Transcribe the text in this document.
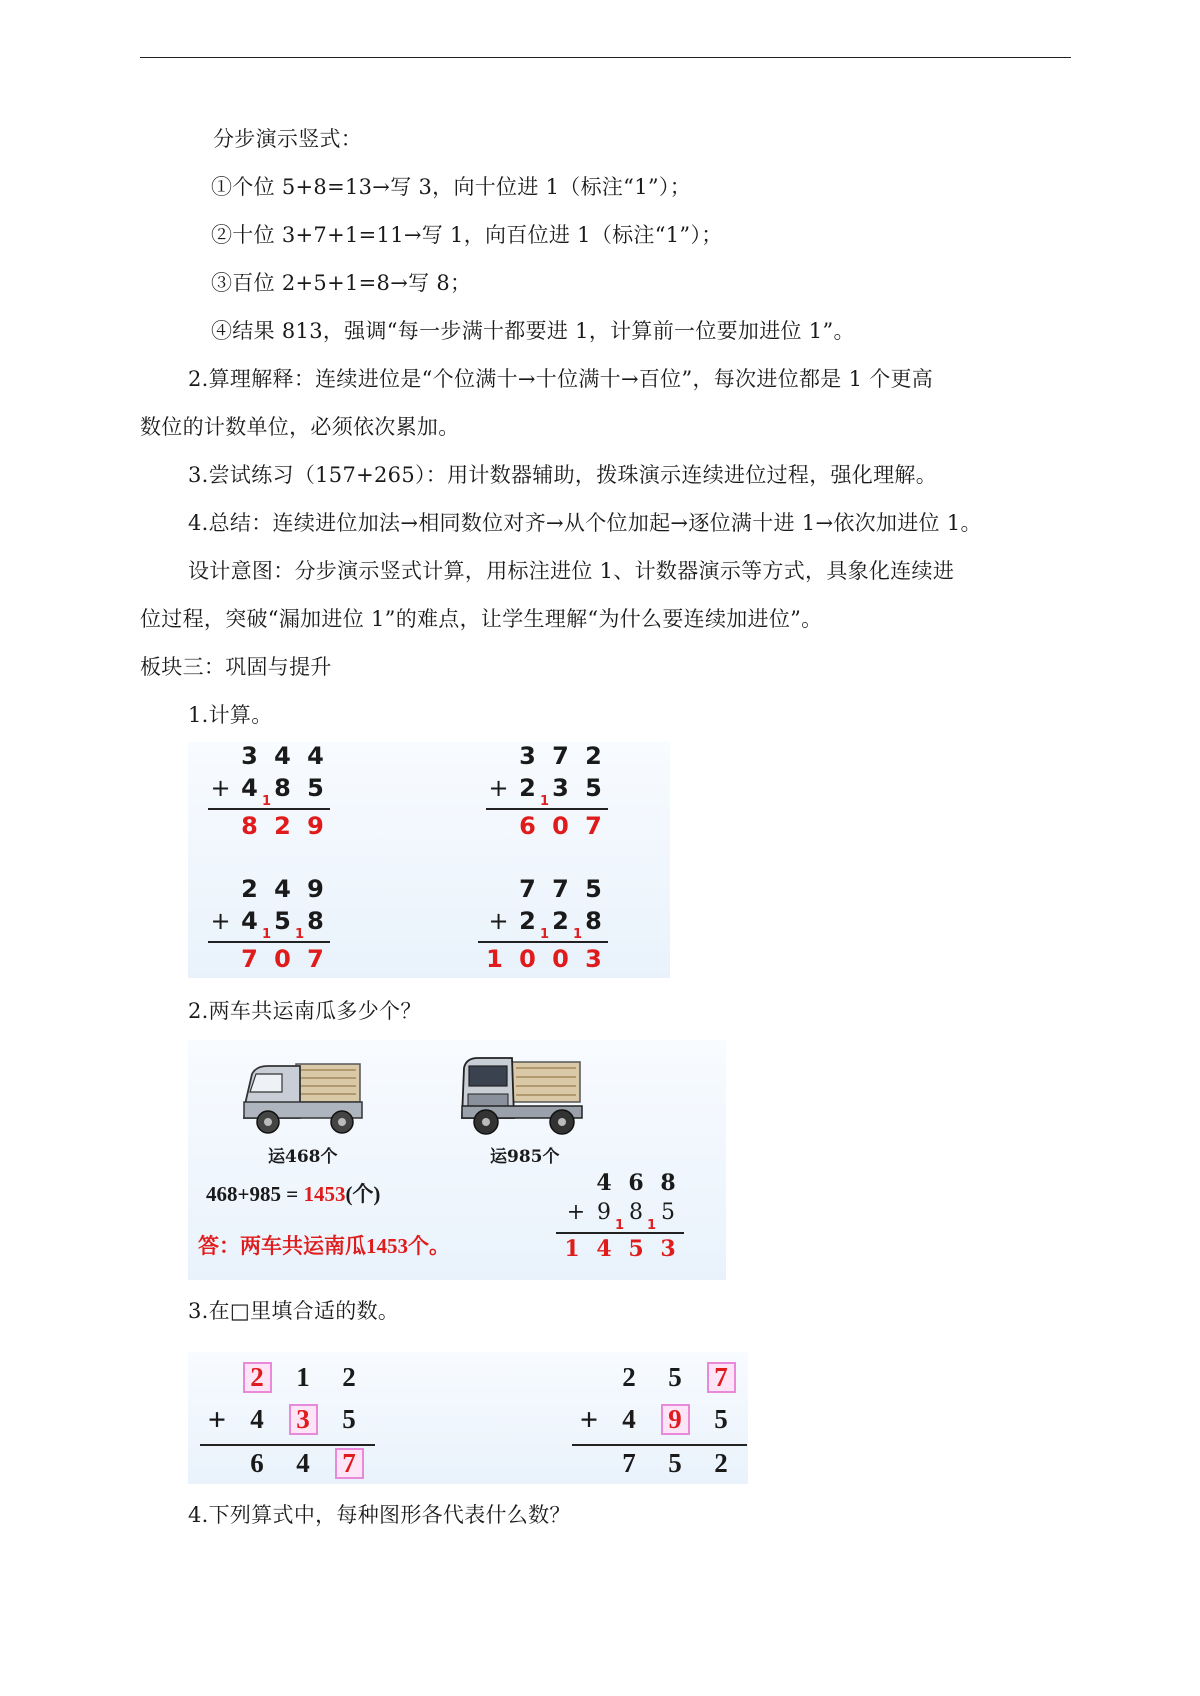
分步演示竖式：
①个位 5+8=13→写 3，向十位进 1（标注“1”）；
②十位 3+7+1=11→写 1，向百位进 1（标注“1”）；
③百位 2+5+1=8→写 8；
④结果 813，强调“每一步满十都要进 1，计算前一位要加进位 1”。
2.算理解释：连续进位是“个位满十→十位满十→百位”，每次进位都是 1 个更高
数位的计数单位，必须依次累加。
3.尝试练习（157+265）：用计数器辅助，拨珠演示连续进位过程，强化理解。
4.总结：连续进位加法→相同数位对齐→从个位加起→逐位满十进 1→依次加进位 1。
设计意图：分步演示竖式计算，用标注进位 1、计数器演示等方式，具象化连续进
位过程，突破“漏加进位 1”的难点，让学生理解“为什么要连续加进位”。
板块三：巩固与提升
1.计算。
3 4 4
+ 4 8 5
1
8 2 9
3 7 2
+ 2 3 5
1
6 0 7
2 4 9
+ 4 5 8
1 1
7 0 7
7 7 5
+ 2 2 8
1 1
1 0 0 3
2.两车共运南瓜多少个？
运468个	运985个
468+985 = 1453(个)
答：两车共运南瓜1453个。
4 6 8
+ 9 8 5
1 1
1 4 5 3
3.在□里填合适的数。
2	1	2
+ 4	3	5
6	4	7
2	5	7
+ 4	9	5
7	5	2
4.下列算式中，每种图形各代表什么数？
